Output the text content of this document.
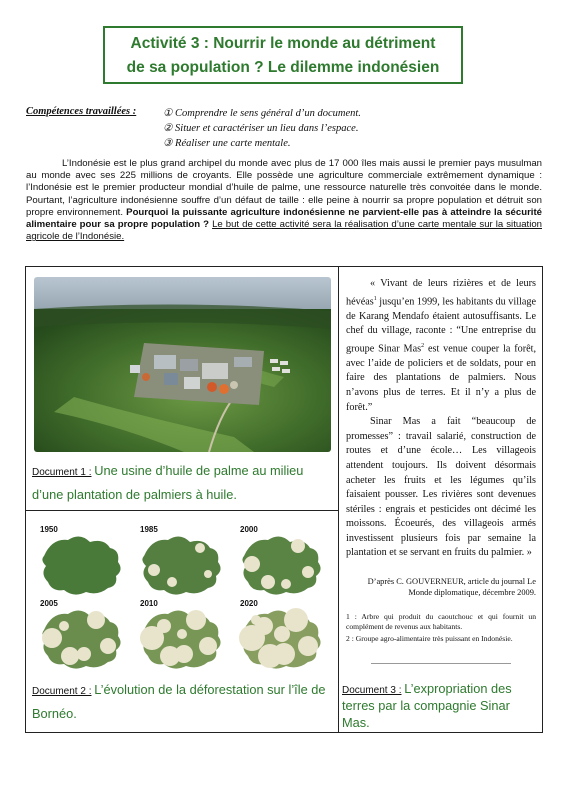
Activité 3 : Nourrir le monde au détriment
de sa population ? Le dilemme indonésien
Compétences travaillées :	① Comprendre le sens général d’un document.
② Situer et caractériser un lieu dans l’espace.
③ Réaliser une carte mentale.

L’Indonésie est le plus grand archipel du monde avec plus de 17 000 îles mais aussi le premier pays musulman au monde avec ses 225 millions de croyants. Elle possède une agriculture commerciale extrêmement dynamique : l’Indonésie est le premier producteur mondial d’huile de palme, une ressource naturelle très convoitée dans le monde. Pourtant, l’agriculture indonésienne souffre d’un défaut de taille : elle peine à nourrir sa propre population et détruit son propre environnement. Pourquoi la puissante agriculture indonésienne ne parvient-elle pas à atteindre la sécurité alimentaire pour sa propre population ? Le but de cette activité sera la réalisation d’une carte mentale sur la situation agricole de l’Indonésie.

Document 1 : Une usine d’huile de palme au milieu d’une plantation de palmiers à huile.
1950	1985	2000
2005	2010	2020
Document 2 : L’évolution de la déforestation sur l’île de Bornéo.

« Vivant de leurs rizières et de leurs hévéas$^1$ jusqu’en 1999, les habitants du village de Karang Mendafo étaient autosuffisants. Le chef du village, raconte : “Une entreprise du groupe Sinar Mas$^2$ est venue couper la forêt, avec l’aide de policiers et de soldats, pour en faire des plantations de palmiers. Nous n’avons plus de terres. Et il n’y a plus de forêt.”

Sinar Mas a fait “beaucoup de promesses” : travail salarié, construction de routes et d’une école… Les villageois attendent toujours. Ils doivent désormais acheter les fruits et les légumes qu’ils faisaient pousser. Les rivières sont devenues stériles : engrais et pesticides ont décimé les moissons. Écoeurés, des villageois armés investissent plusieurs fois par semaine la plantation et se servant en fruits du palmier. »

D’après C. GOUVERNEUR, article du journal Le Monde diplomatique, décembre 2009.
1 : Arbre qui produit du caoutchouc et qui fournit un complément de revenus aux habitants.
2 : Groupe agro-alimentaire très puissant en Indonésie.
Document 3 : L’expropriation des terres par la compagnie Sinar Mas.
